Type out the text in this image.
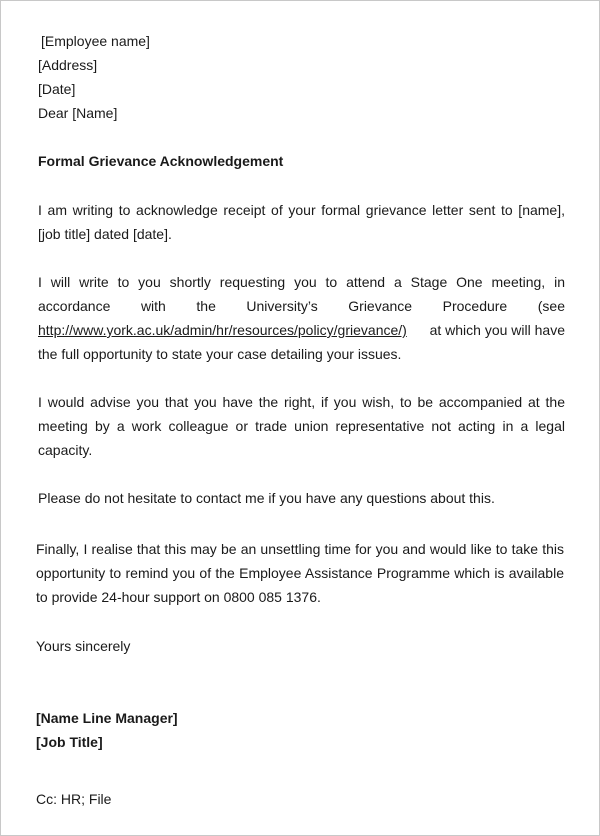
[Employee name]
[Address]
[Date]
Dear [Name]
Formal Grievance Acknowledgement
I am writing to acknowledge receipt of your formal grievance letter sent to [name],
[job title] dated [date].
I will write to you shortly requesting you to attend a Stage One meeting, in
accordance with the University’s Grievance Procedure (see
http://www.york.ac.uk/admin/hr/resources/policy/grievance/) at which you will have
the full opportunity to state your case detailing your issues.
I would advise you that you have the right, if you wish, to be accompanied at the
meeting by a work colleague or trade union representative not acting in a legal
capacity.
Please do not hesitate to contact me if you have any questions about this.
Finally, I realise that this may be an unsettling time for you and would like to take this
opportunity to remind you of the Employee Assistance Programme which is available
to provide 24-hour support on 0800 085 1376.
Yours sincerely
[Name Line Manager]
[Job Title]
Cc: HR; File
